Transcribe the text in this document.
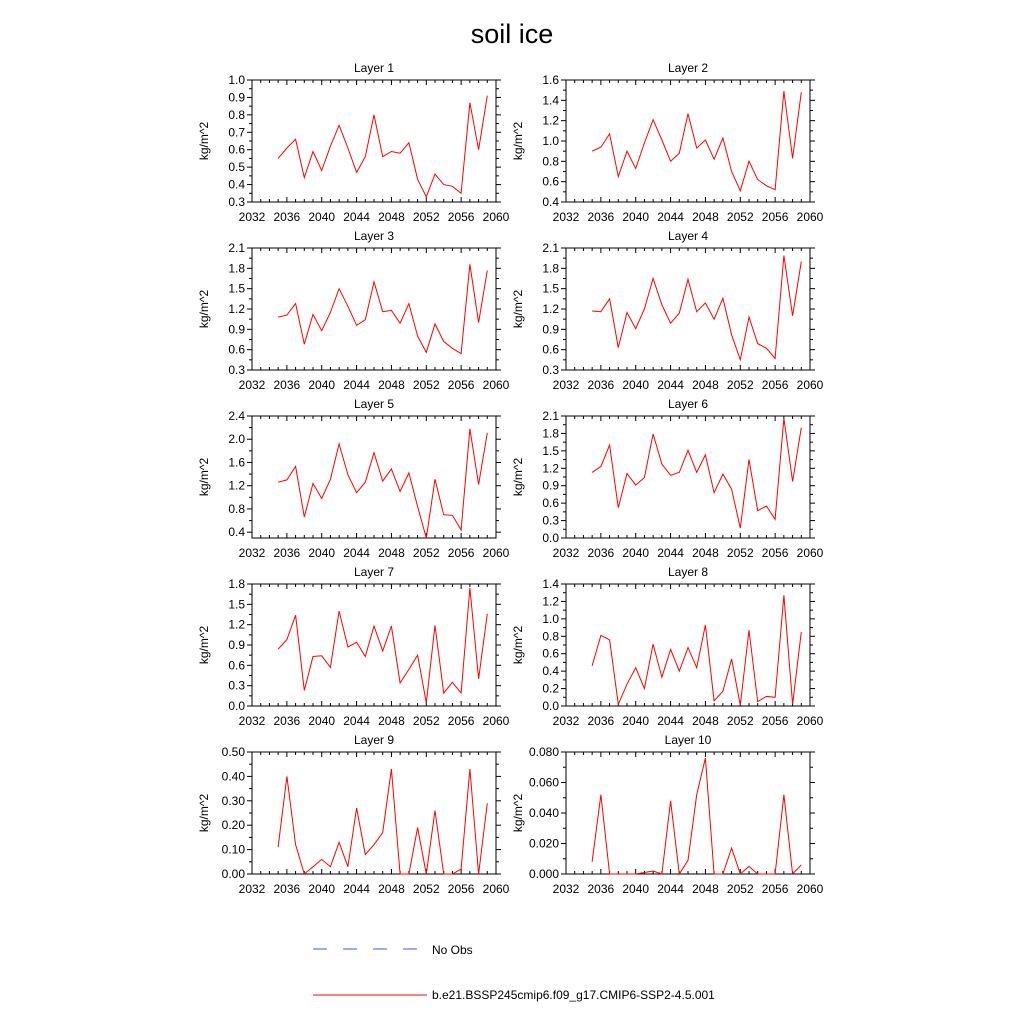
soil ice
Layer 1
kg/m^2
2032 2036 2040 2044 2048 2052 2056 2060
0.3
0.4
0.5
0.6
0.7
0.8
0.9
1.0
Layer 2
kg/m^2
2032 2036 2040 2044 2048 2052 2056 2060
0.4
0.6
0.8
1.0
1.2
1.4
1.6
Layer 3
kg/m^2
2032 2036 2040 2044 2048 2052 2056 2060
0.3
0.6
0.9
1.2
1.5
1.8
2.1
Layer 4
kg/m^2
2032 2036 2040 2044 2048 2052 2056 2060
0.3
0.6
0.9
1.2
1.5
1.8
2.1
Layer 5
kg/m^2
2032 2036 2040 2044 2048 2052 2056 2060
0.4
0.8
1.2
1.6
2.0
2.4
Layer 6
kg/m^2
2032 2036 2040 2044 2048 2052 2056 2060
0.0
0.3
0.6
0.9
1.2
1.5
1.8
2.1
Layer 7
kg/m^2
2032 2036 2040 2044 2048 2052 2056 2060
0.0
0.3
0.6
0.9
1.2
1.5
1.8
Layer 8
kg/m^2
2032 2036 2040 2044 2048 2052 2056 2060
0.0
0.2
0.4
0.6
0.8
1.0
1.2
1.4
Layer 9
kg/m^2
2032 2036 2040 2044 2048 2052 2056 2060
0.00
0.10
0.20
0.30
0.40
0.50
Layer 10
kg/m^2
2032 2036 2040 2044 2048 2052 2056 2060
0.000
0.020
0.040
0.060
0.080
No Obs
b.e21.BSSP245cmip6.f09_g17.CMIP6-SSP2-4.5.001
